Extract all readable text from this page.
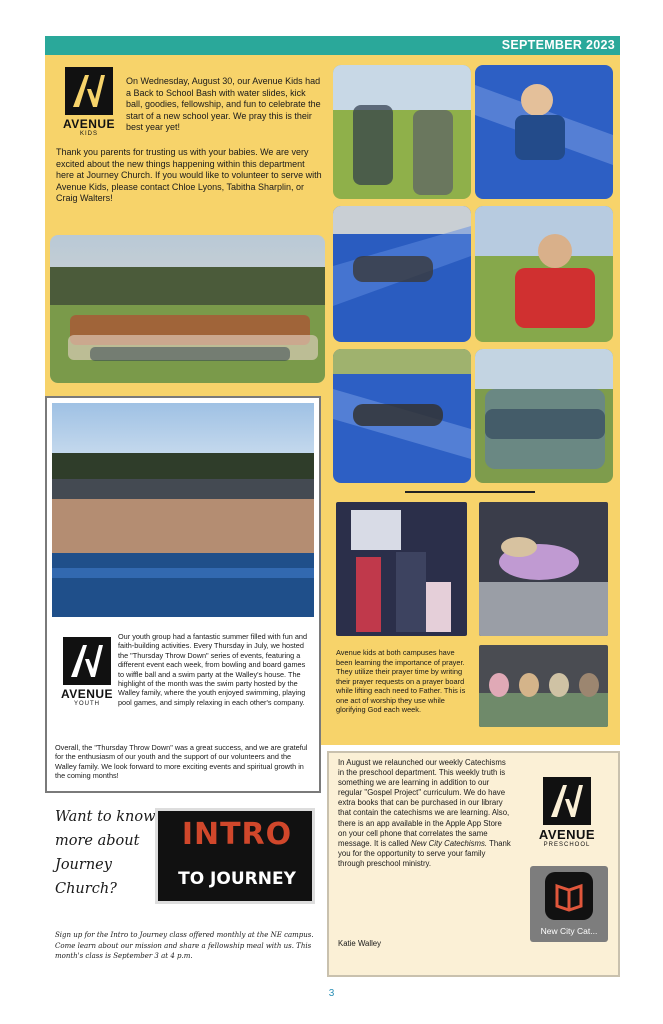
SEPTEMBER 2023
AVENUE
KIDS
On Wednesday, August 30, our Avenue Kids had a Back to School Bash with water slides, kick ball, goodies, fellowship, and fun to celebrate the start of a new school year. We pray this is their best year yet!
Thank you parents for trusting us with your babies. We are very excited about the new things happening within this department here at Journey Church. If you would like to volunteer to serve with Avenue Kids, please contact Chloe Lyons, Tabitha Sharplin, or Craig Walters!
Avenue kids at both campuses have been learning the importance of prayer. They utilize their prayer time by writing their prayer requests on a prayer board while lifting each need to Father. This is one act of worship they use while glorifying God each week.
AVENUE
YOUTH
Our youth group had a fantastic summer filled with fun and faith-building activities. Every Thursday in July, we hosted the "Thursday Throw Down" series of events, featuring a different event each week, from bowling and board games to wiffle ball and a swim party at the Walley's house. The highlight of the month was the swim party hosted by the Walley family, where the youth enjoyed swimming, playing pool games, and simply relaxing in each other's company.
Overall, the "Thursday Throw Down" was a great success, and we are grateful for the enthusiasm of our youth and the support of our volunteers and the Walley family. We look forward to more exciting events and spiritual growth in the coming months!
Want to know more about Journey Church?
INTRO
TO JOURNEY
Sign up for the Intro to Journey class offered monthly at the NE campus. Come learn about our mission and share a fellowship meal with us. This month's class is September 3 at 4 p.m.
In August we relaunched our weekly Catechisms in the preschool department. This weekly truth is something we are learning in addition to our regular "Gospel Project" curriculum. We do have extra books that can be purchased in our library that contain the catechisms we are learning. Also, there is an app available in the Apple App Store on your cell phone that correlates the same message. It is called New City Catechisms. Thank you for the opportunity to serve your family through preschool ministry.
Katie Walley
AVENUE
PRESCHOOL
New City Cat...
3
